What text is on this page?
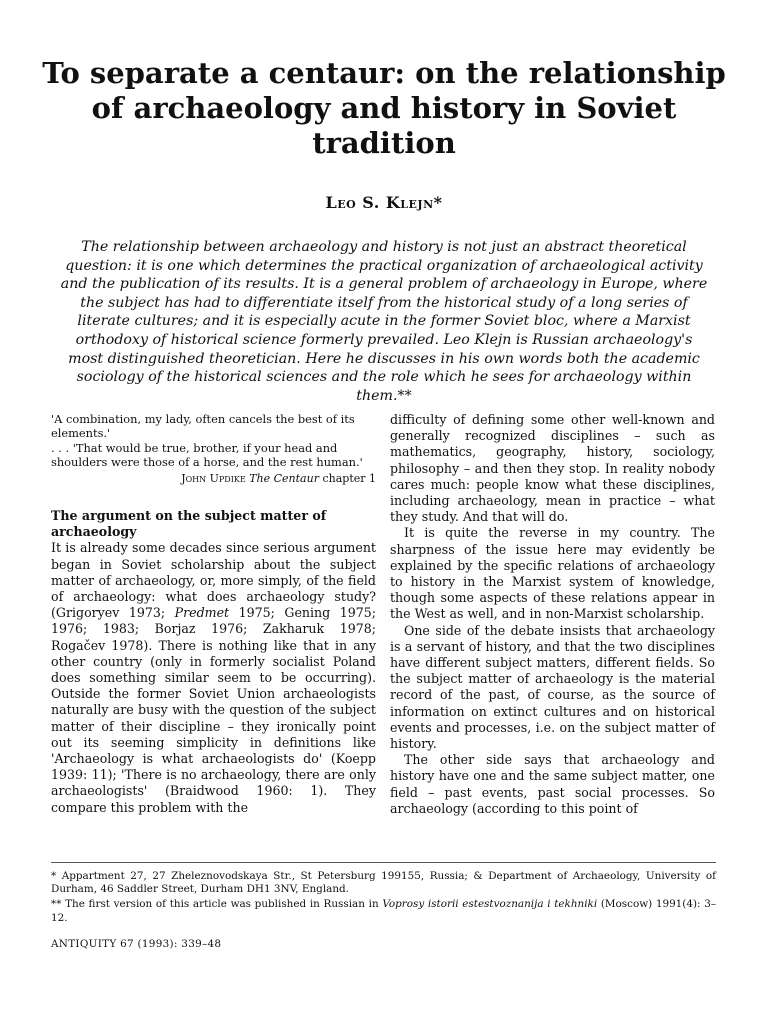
To separate a centaur: on the relationship of archaeology and history in Soviet tradition
Leo S. Klejn*
The relationship between archaeology and history is not just an abstract theoretical question: it is one which determines the practical organization of archaeological activity and the publication of its results. It is a general problem of archaeology in Europe, where the subject has had to differentiate itself from the historical study of a long series of literate cultures; and it is especially acute in the former Soviet bloc, where a Marxist orthodoxy of historical science formerly prevailed. Leo Klejn is Russian archaeology's most distinguished theoretician. Here he discusses in his own words both the academic sociology of the historical sciences and the role which he sees for archaeology within them.**

'A combination, my lady, often cancels the best of its elements.'

. . . 'That would be true, brother, if your head and shoulders were those of a horse, and the rest human.'

John Updike The Centaur chapter 1

The argument on the subject matter of archaeology

It is already some decades since serious argument began in Soviet scholarship about the subject matter of archaeology, or, more simply, of the field of archaeology: what does archaeology study? (Grigoryev 1973; Predmet 1975; Gening 1975; 1976; 1983; Borjaz 1976; Zakharuk 1978; Rogačev 1978). There is nothing like that in any other country (only in formerly socialist Poland does something similar seem to be occurring). Outside the former Soviet Union archaeologists naturally are busy with the question of the subject matter of their discipline – they ironically point out its seeming simplicity in definitions like 'Archaeology is what archaeologists do' (Koepp 1939: 11); 'There is no archaeology, there are only archaeologists' (Braidwood 1960: 1). They compare this problem with the

difficulty of defining some other well-known and generally recognized disciplines – such as mathematics, geography, history, sociology, philosophy – and then they stop. In reality nobody cares much: people know what these disciplines, including archaeology, mean in practice – what they study. And that will do.

It is quite the reverse in my country. The sharpness of the issue here may evidently be explained by the specific relations of archaeology to history in the Marxist system of knowledge, though some aspects of these relations appear in the West as well, and in non-Marxist scholarship.

One side of the debate insists that archaeology is a servant of history, and that the two disciplines have different subject matters, different fields. So the subject matter of archaeology is the material record of the past, of course, as the source of information on extinct cultures and on historical events and processes, i.e. on the subject matter of history.

The other side says that archaeology and history have one and the same subject matter, one field – past events, past social processes. So archaeology (according to this point of

* Appartment 27, 27 Zheleznovodskaya Str., St Petersburg 199155, Russia; & Department of Archaeology, University of Durham, 46 Saddler Street, Durham DH1 3NV, England.

** The first version of this article was published in Russian in Voprosy istorii estestvoznanija i tekhniki (Moscow) 1991(4): 3–12.

ANTIQUITY 67 (1993): 339–48
